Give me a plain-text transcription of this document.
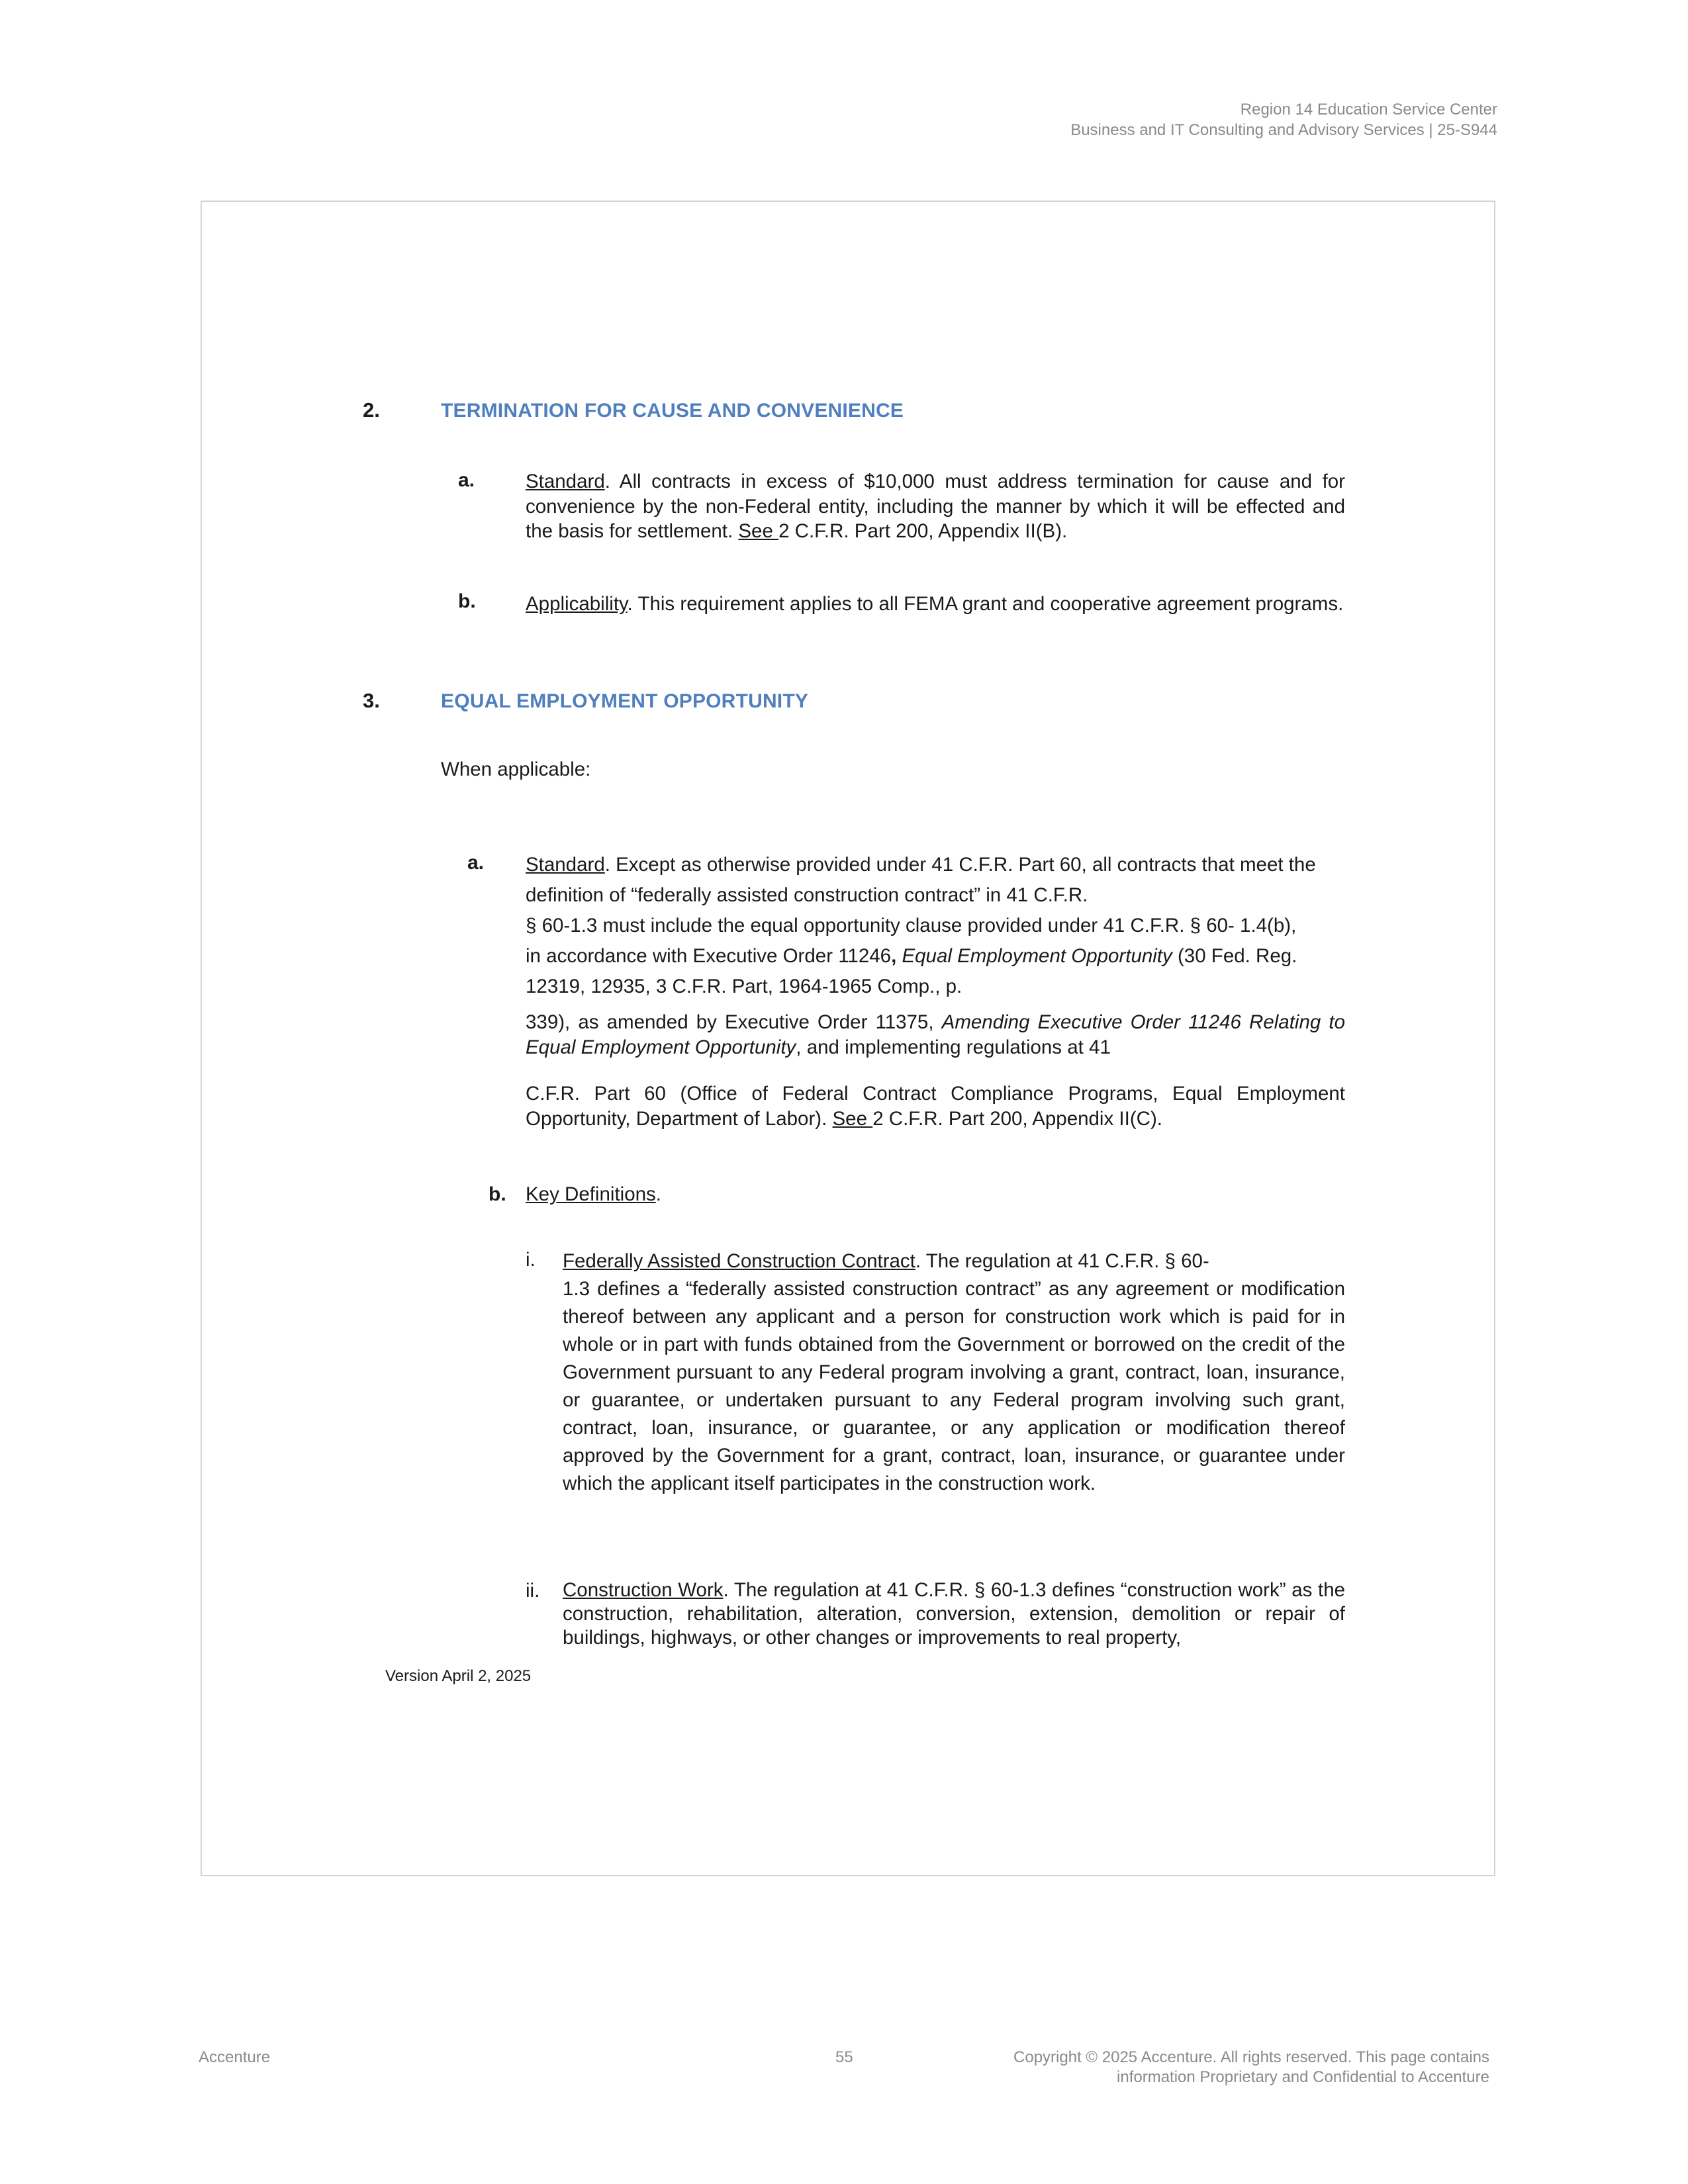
Region 14 Education Service Center
Business and IT Consulting and Advisory Services | 25-S944
2.	TERMINATION FOR CAUSE AND CONVENIENCE
a.	Standard. All contracts in excess of $10,000 must address termination for cause and for convenience by the non-Federal entity, including the manner by which it will be effected and the basis for settlement. See 2 C.F.R. Part 200, Appendix II(B).

b.	Applicability. This requirement applies to all FEMA grant and cooperative agreement programs.

3.	EQUAL EMPLOYMENT OPPORTUNITY
When applicable:
a. Standard. Except as otherwise provided under 41 C.F.R. Part 60, all contracts that meet the definition of “federally assisted construction contract” in 41 C.F.R.
§ 60-1.3 must include the equal opportunity clause provided under 41 C.F.R. § 60- 1.4(b),
in accordance with Executive Order 11246, Equal Employment Opportunity (30 Fed. Reg.
12319, 12935, 3 C.F.R. Part, 1964-1965 Comp., p.

339), as amended by Executive Order 11375, Amending Executive Order 11246 Relating to Equal Employment Opportunity, and implementing regulations at 41

C.F.R. Part 60 (Office of Federal Contract Compliance Programs, Equal Employment Opportunity, Department of Labor). See 2 C.F.R. Part 200, Appendix II(C).

b. Key Definitions.

i. Federally Assisted Construction Contract. The regulation at 41 C.F.R. § 60-
1.3 defines a “federally assisted construction contract” as any agreement or modification thereof between any applicant and a person for construction work which is paid for in whole or in part with funds obtained from the Government or borrowed on the credit of the Government pursuant to any Federal program involving a grant, contract, loan, insurance, or guarantee, or undertaken pursuant to any Federal program involving such grant, contract, loan, insurance, or guarantee, or any application or modification thereof approved by the Government for a grant, contract, loan, insurance, or guarantee under which the applicant itself participates in the construction work.

ii. Construction Work. The regulation at 41 C.F.R. § 60-1.3 defines “construction work” as the construction, rehabilitation, alteration, conversion, extension, demolition or repair of buildings, highways, or other changes or improvements to real property,

Version April 2, 2025
Accenture	55	Copyright © 2025 Accenture. All rights reserved. This page contains
information Proprietary and Confidential to Accenture
